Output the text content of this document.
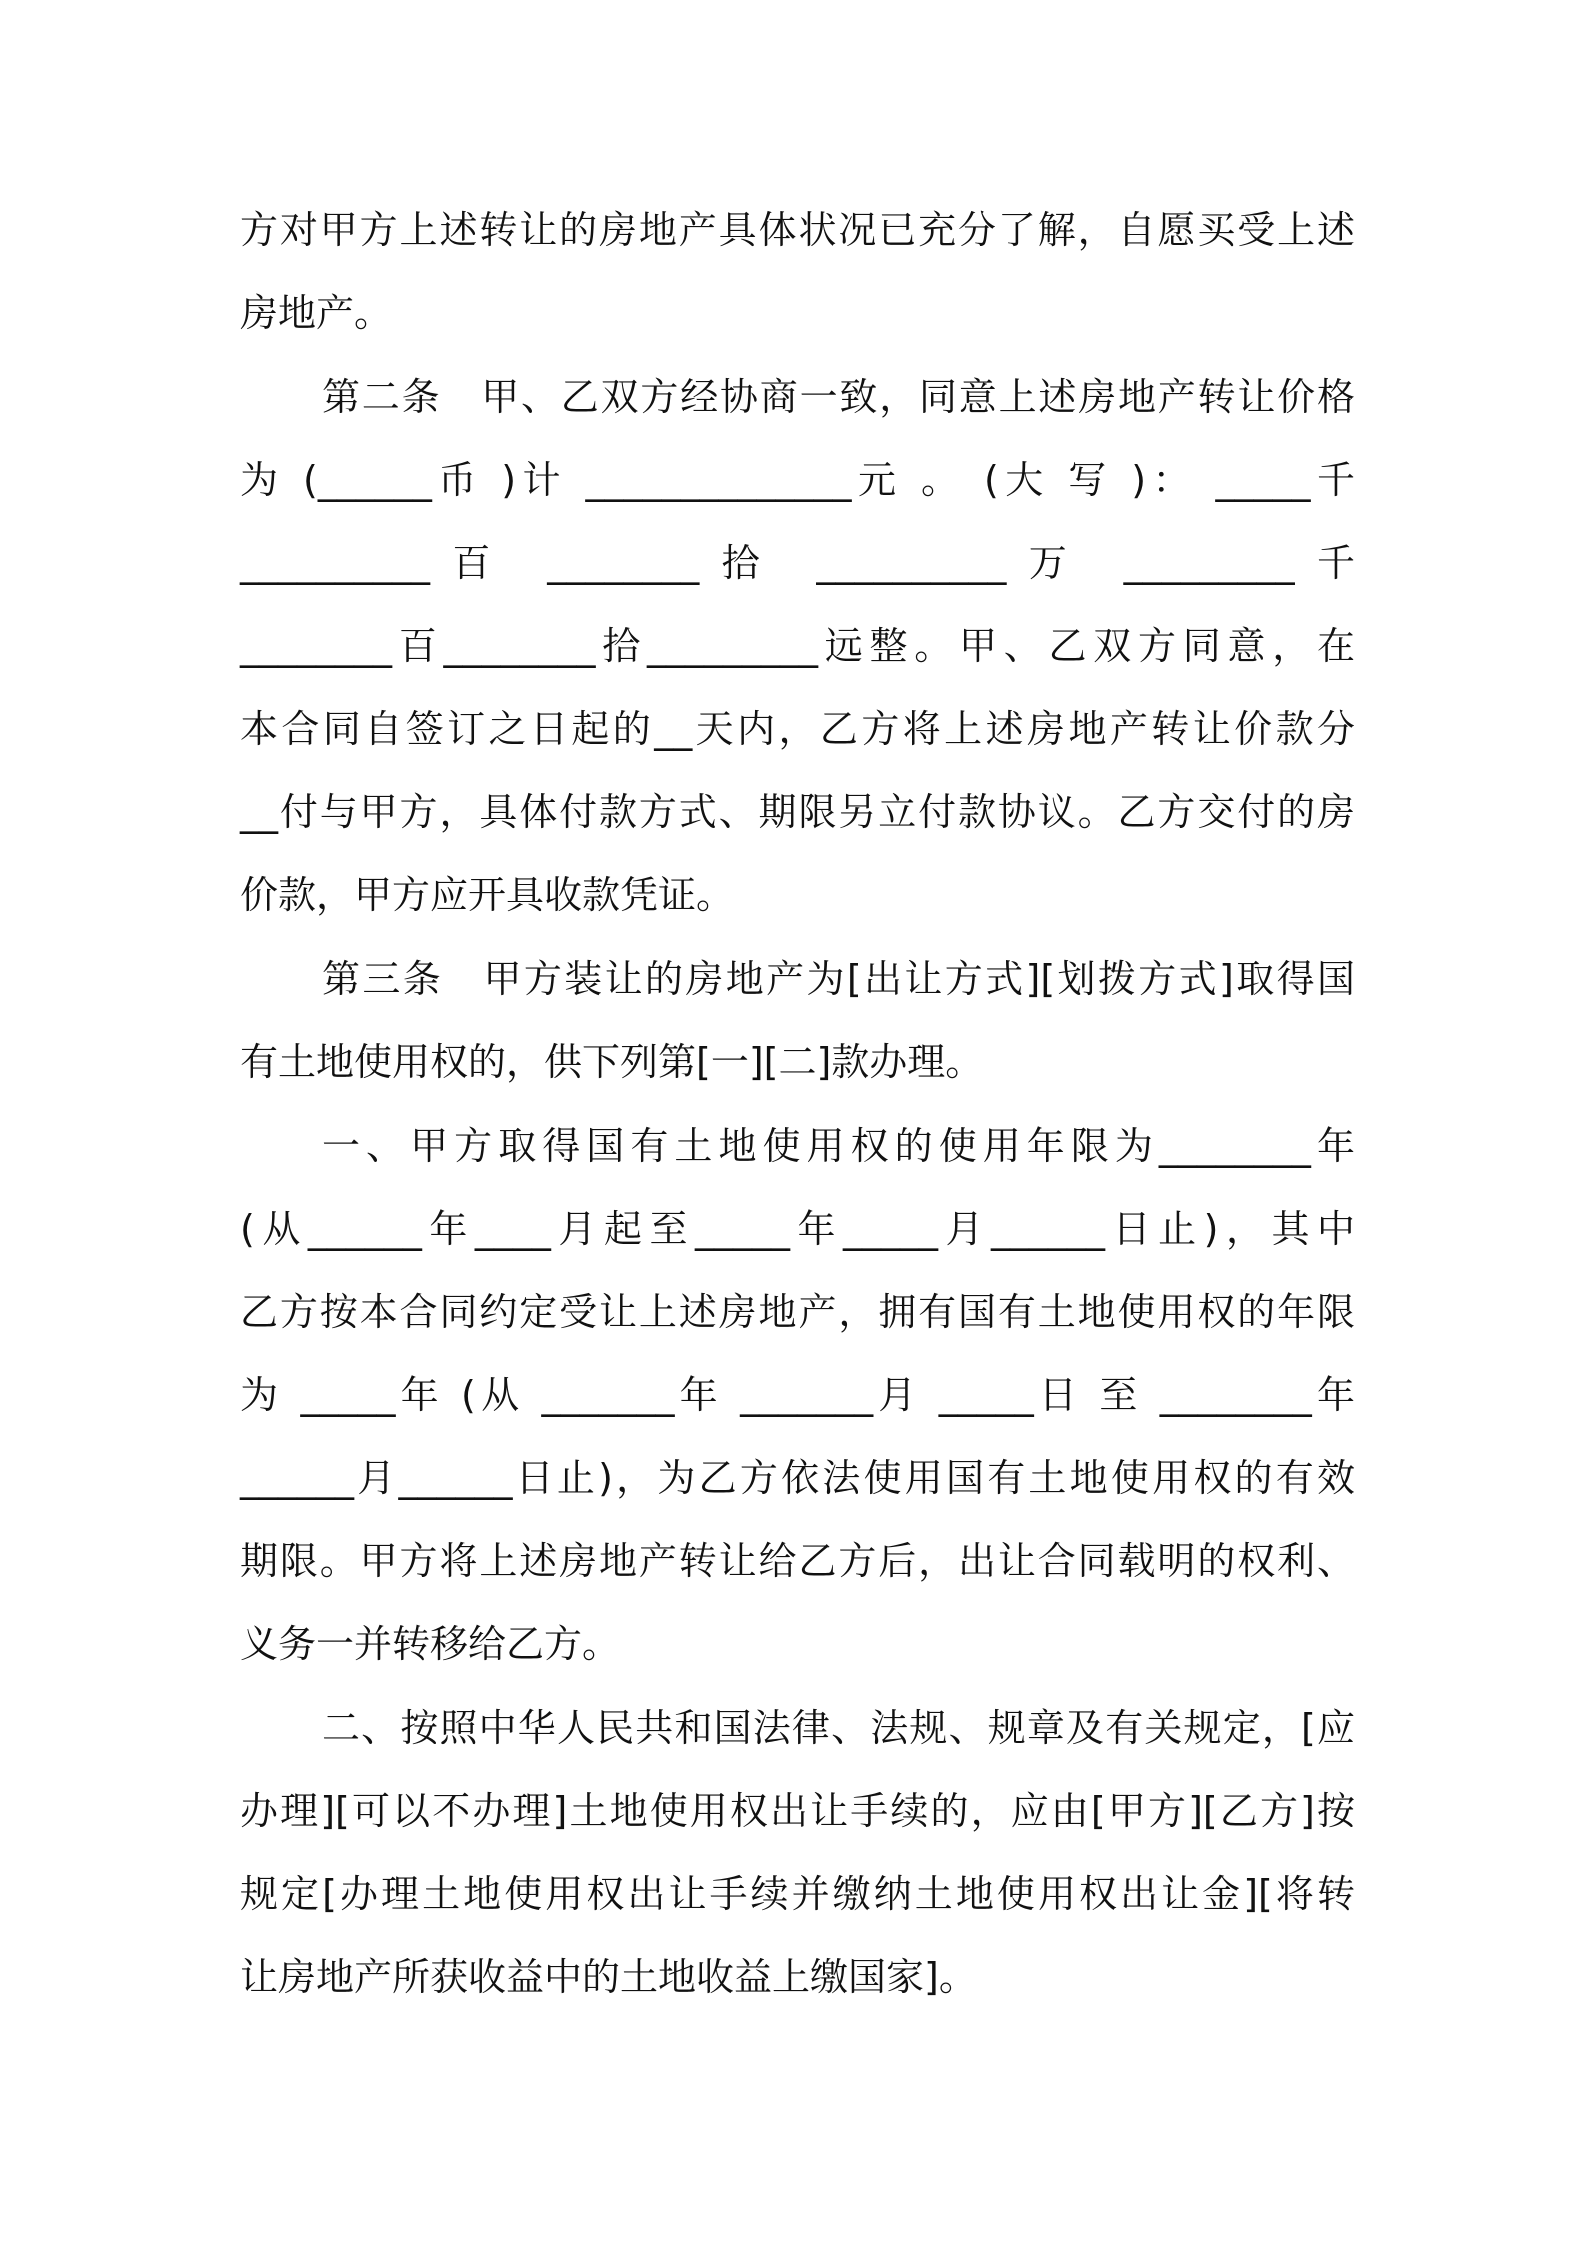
方对甲方上述转让的房地产具体状况已充分了解，自愿买受上述
房地产。
第二条　甲、乙双方经协商一致，同意上述房地产转让价格
为 (______币 )计 ______________元 。 (大 写 )： _____千
__________百 ________拾 __________万 _________千
________百________拾_________远整。甲、乙双方同意，在
本合同自签订之日起的__天内，乙方将上述房地产转让价款分
__付与甲方，具体付款方式、期限另立付款协议。乙方交付的房
价款，甲方应开具收款凭证。
第三条　甲方装让的房地产为[出让方式][划拨方式]取得国
有土地使用权的，供下列第[一][二]款办理。
一、甲方取得国有土地使用权的使用年限为________年
(从______年____月起至_____年_____月______日止)，其中
乙方按本合同约定受让上述房地产，拥有国有土地使用权的年限
为 _____年 (从 _______年 _______月 _____日 至 ________年
______月______日止)，为乙方依法使用国有土地使用权的有效
期限。甲方将上述房地产转让给乙方后，出让合同载明的权利、
义务一并转移给乙方。
二、按照中华人民共和国法律、法规、规章及有关规定，[应
办理][可以不办理]土地使用权出让手续的，应由[甲方][乙方]按
规定[办理土地使用权出让手续并缴纳土地使用权出让金][将转
让房地产所获收益中的土地收益上缴国家]。
